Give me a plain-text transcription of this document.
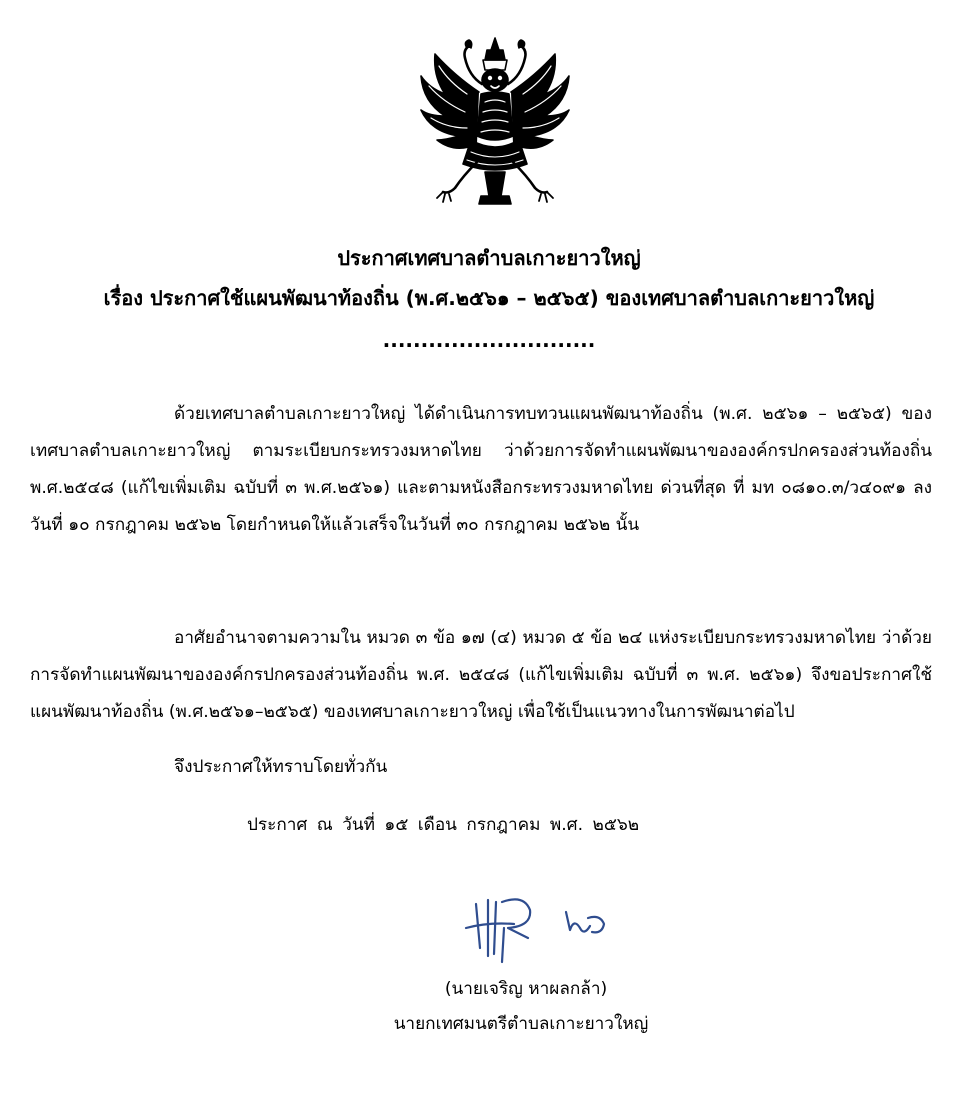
ประกาศเทศบาลตำบลเกาะยาวใหญ่
เรื่อง ประกาศใช้แผนพัฒนาท้องถิ่น (พ.ศ.๒๕๖๑ – ๒๕๖๕) ของเทศบาลตำบลเกาะยาวใหญ่
............................
ด้วยเทศบาลตำบลเกาะยาวใหญ่ ได้ดำเนินการทบทวนแผนพัฒนาท้องถิ่น (พ.ศ. ๒๕๖๑ – ๒๕๖๕) ของเทศบาลตำบลเกาะยาวใหญ่ ตามระเบียบกระทรวงมหาดไทย ว่าด้วยการจัดทำแผนพัฒนาขององค์กรปกครองส่วนท้องถิ่น พ.ศ.๒๕๔๘ (แก้ไขเพิ่มเติม ฉบับที่ ๓ พ.ศ.๒๕๖๑) และตามหนังสือกระทรวงมหาดไทย ด่วนที่สุด ที่ มท ๐๘๑๐.๓/ว๔๐๙๑ ลงวันที่ ๑๐ กรกฎาคม ๒๕๖๒ โดยกำหนดให้แล้วเสร็จในวันที่ ๓๐ กรกฎาคม ๒๕๖๒ นั้น
อาศัยอำนาจตามความใน หมวด ๓ ข้อ ๑๗ (๔) หมวด ๕ ข้อ ๒๔ แห่งระเบียบกระทรวงมหาดไทย ว่าด้วยการจัดทำแผนพัฒนาขององค์กรปกครองส่วนท้องถิ่น พ.ศ. ๒๕๔๘ (แก้ไขเพิ่มเติม ฉบับที่ ๓ พ.ศ. ๒๕๖๑) จึงขอประกาศใช้แผนพัฒนาท้องถิ่น (พ.ศ.๒๕๖๑–๒๕๖๕) ของเทศบาลเกาะยาวใหญ่ เพื่อใช้เป็นแนวทางในการพัฒนาต่อไป
จึงประกาศให้ทราบโดยทั่วกัน
ประกาศ ณ วันที่ ๑๕ เดือน กรกฎาคม พ.ศ. ๒๕๖๒
(นายเจริญ หาผลกล้า)
นายกเทศมนตรีตำบลเกาะยาวใหญ่
